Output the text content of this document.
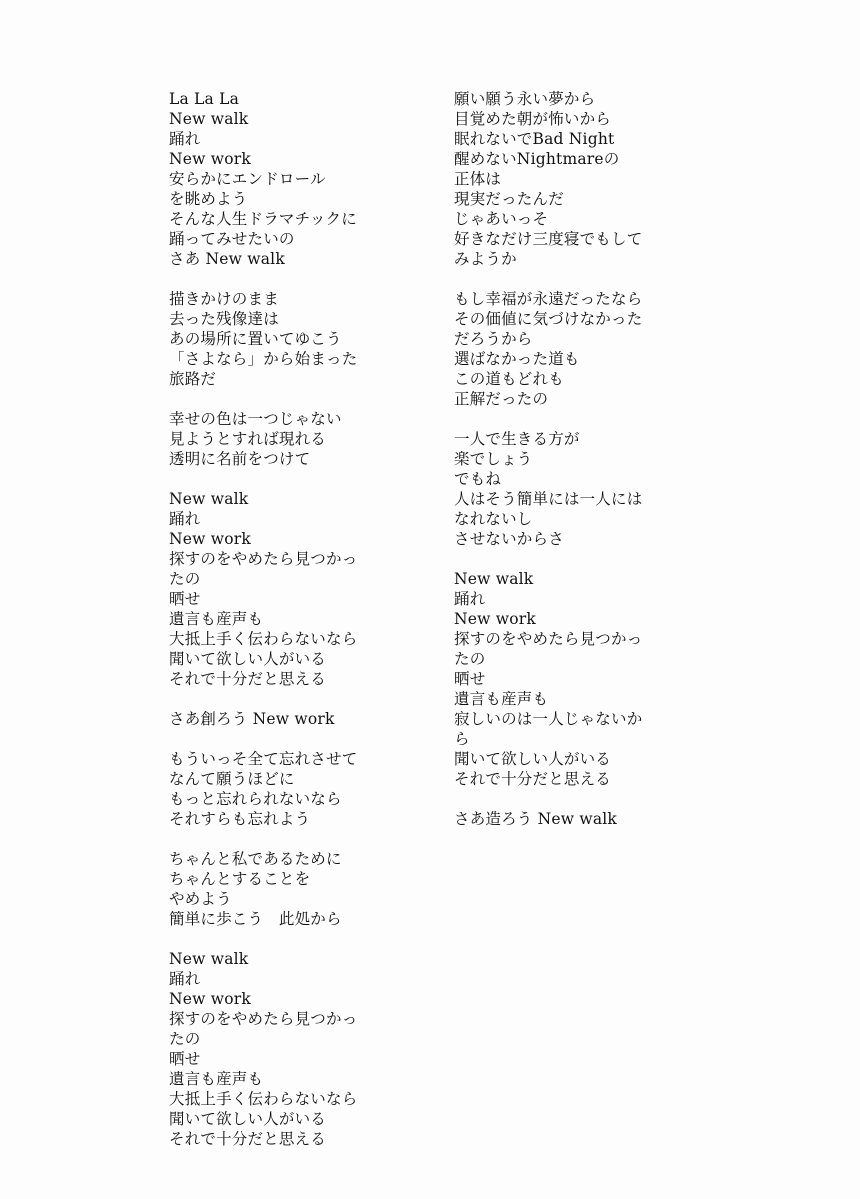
La La La
New walk
踊れ
New work
安らかにエンドロール
を眺めよう
そんな人生ドラマチックに
踊ってみせたいの
さあ New walk
描きかけのまま
去った残像達は
あの場所に置いてゆこう
「さよなら」から始まった
旅路だ
幸せの色は一つじゃない
見ようとすれば現れる
透明に名前をつけて
New walk
踊れ
New work
探すのをやめたら見つかっ
たの
晒せ
遺言も産声も
大抵上手く伝わらないなら
聞いて欲しい人がいる
それで十分だと思える
さあ創ろう New work
もういっそ全て忘れさせて
なんて願うほどに
もっと忘れられないなら
それすらも忘れよう
ちゃんと私であるために
ちゃんとすることを
やめよう
簡単に歩こう　此処から
New walk
踊れ
New work
探すのをやめたら見つかっ
たの
晒せ
遺言も産声も
大抵上手く伝わらないなら
聞いて欲しい人がいる
それで十分だと思える
願い願う永い夢から
目覚めた朝が怖いから
眠れないでBad Night
醒めないNightmareの
正体は
現実だったんだ
じゃあいっそ
好きなだけ三度寝でもして
みようか
もし幸福が永遠だったなら
その価値に気づけなかった
だろうから
選ばなかった道も
この道もどれも
正解だったの
一人で生きる方が
楽でしょう
でもね
人はそう簡単には一人には
なれないし
させないからさ
New walk
踊れ
New work
探すのをやめたら見つかっ
たの
晒せ
遺言も産声も
寂しいのは一人じゃないか
ら
聞いて欲しい人がいる
それで十分だと思える
さあ造ろう New walk
